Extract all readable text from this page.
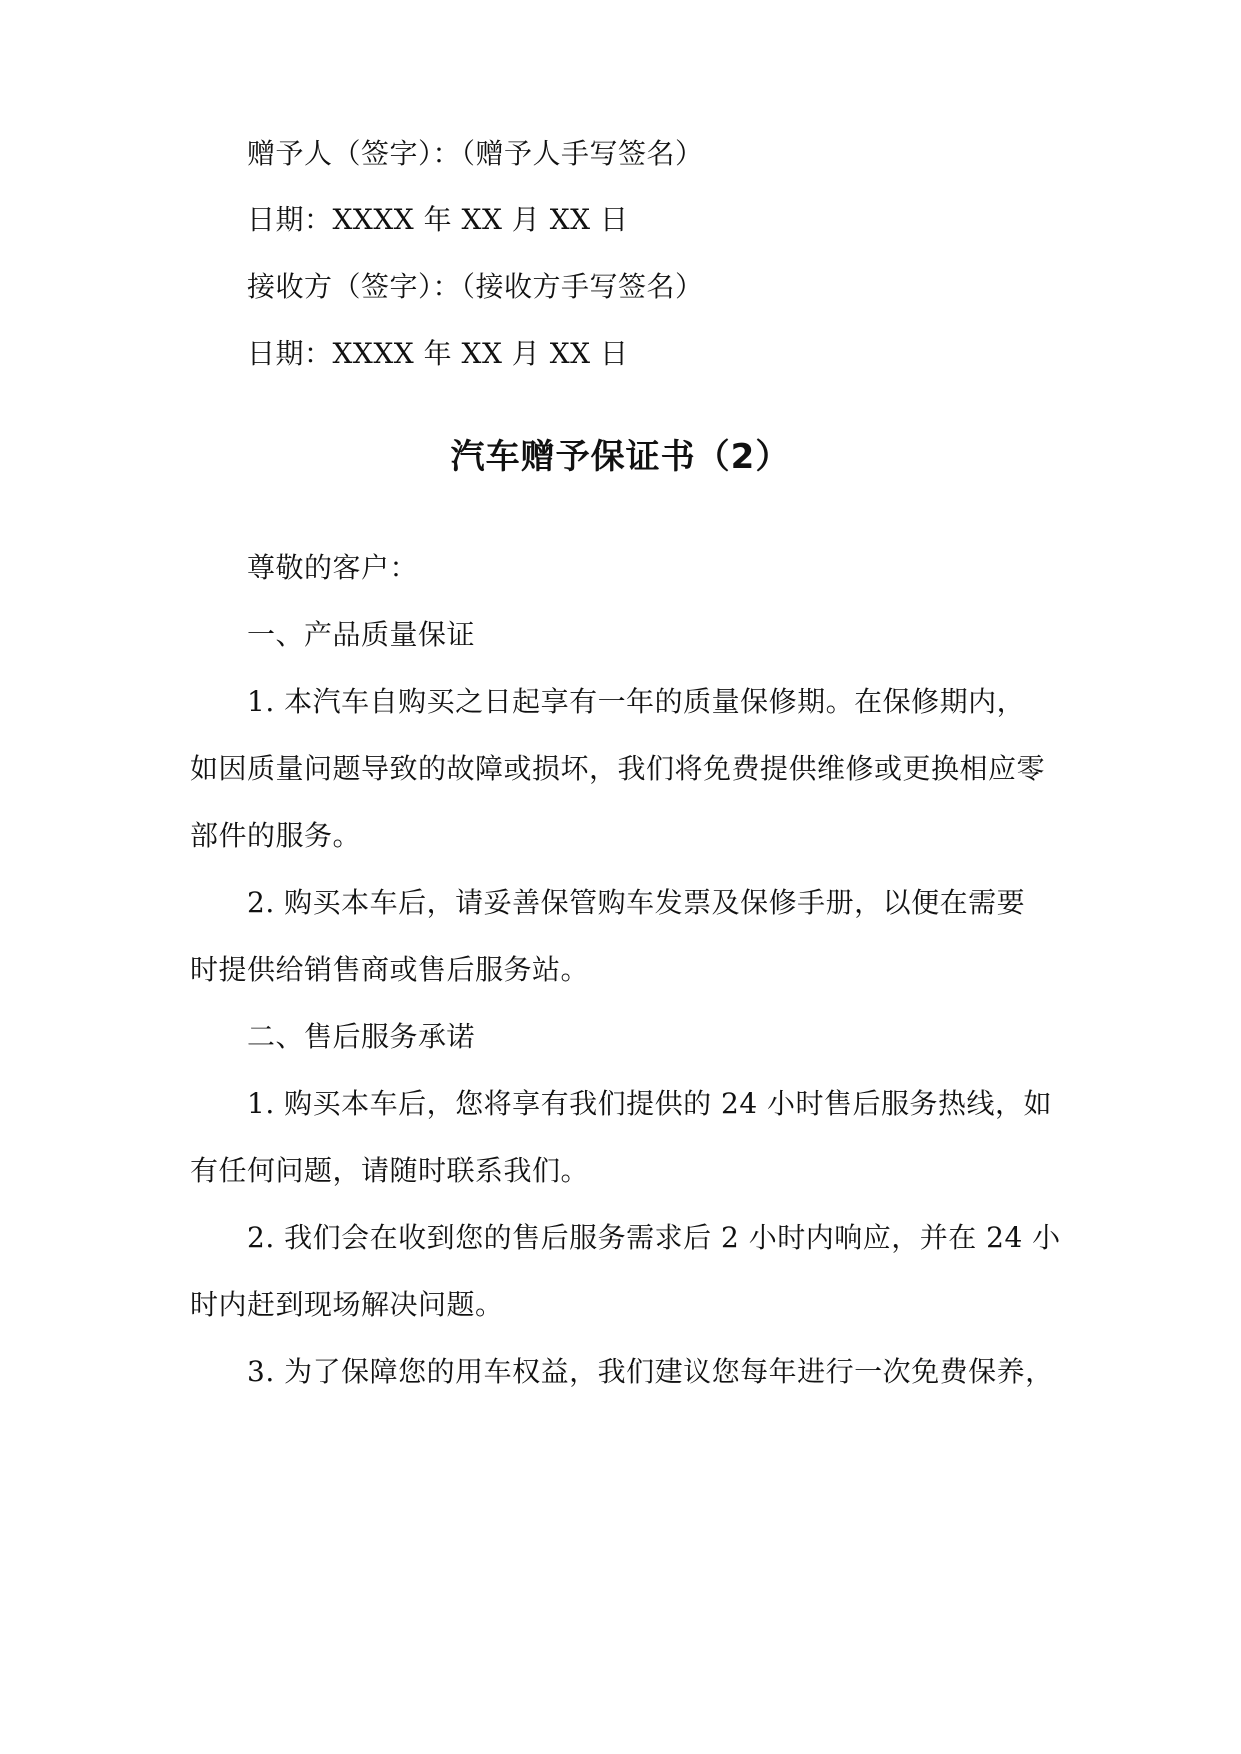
赠予人（签字）：（赠予人手写签名）
日期：XXXX 年 XX 月 XX 日
接收方（签字）：（接收方手写签名）
日期：XXXX 年 XX 月 XX 日
汽车赠予保证书（2）
尊敬的客户：
一、产品质量保证
1. 本汽车自购买之日起享有一年的质量保修期。在保修期内，
如因质量问题导致的故障或损坏，我们将免费提供维修或更换相应零
部件的服务。
2. 购买本车后，请妥善保管购车发票及保修手册，以便在需要
时提供给销售商或售后服务站。
二、售后服务承诺
1. 购买本车后，您将享有我们提供的 24 小时售后服务热线，如
有任何问题，请随时联系我们。
2. 我们会在收到您的售后服务需求后 2 小时内响应，并在 24 小
时内赶到现场解决问题。
3. 为了保障您的用车权益，我们建议您每年进行一次免费保养，
